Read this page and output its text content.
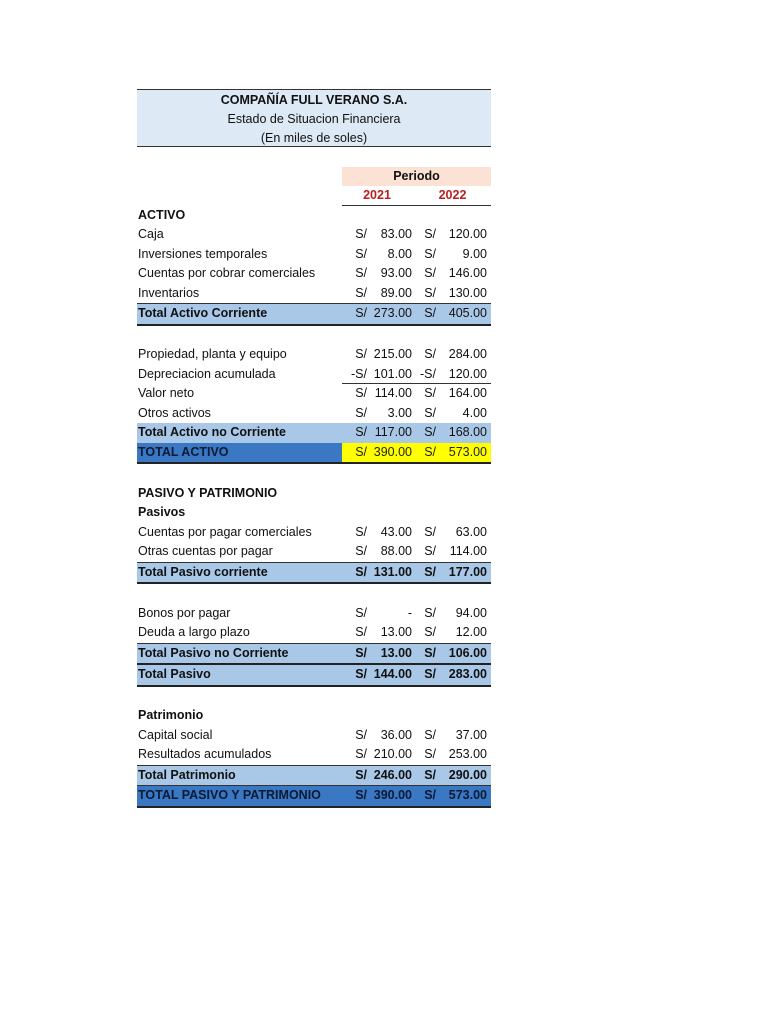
COMPAÑÍA FULL VERANO S.A.
Estado de Situacion Financiera
(En miles de soles)
Periodo
2021	2022
ACTIVO
Caja	S/	83.00 S/	120.00
Inversiones temporales	S/	8.00 S/	9.00
Cuentas por cobrar comerciales	S/	93.00 S/	146.00
Inventarios	S/	89.00 S/	130.00
Total Activo Corriente	S/ 273.00 S/	405.00
Propiedad, planta y equipo	S/ 215.00 S/	284.00
Depreciacion acumulada	-S/ 101.00 -S/	120.00
Valor neto	S/ 114.00 S/	164.00
Otros activos	S/	3.00 S/	4.00
Total Activo no Corriente	S/ 117.00 S/	168.00
TOTAL ACTIVO	S/ 390.00 S/	573.00
PASIVO Y PATRIMONIO
Pasivos
Cuentas por pagar comerciales	S/	43.00 S/	63.00
Otras cuentas por pagar	S/	88.00 S/	114.00
Total Pasivo corriente	S/ 131.00 S/	177.00
Bonos por pagar	S/	- S/	94.00
Deuda a largo plazo	S/	13.00 S/	12.00
Total Pasivo no Corriente	S/	13.00 S/	106.00
Total Pasivo	S/ 144.00 S/	283.00
Patrimonio
Capital social	S/	36.00 S/	37.00
Resultados acumulados	S/ 210.00 S/	253.00
Total Patrimonio	S/ 246.00 S/	290.00
TOTAL PASIVO Y PATRIMONIO	S/ 390.00 S/	573.00
